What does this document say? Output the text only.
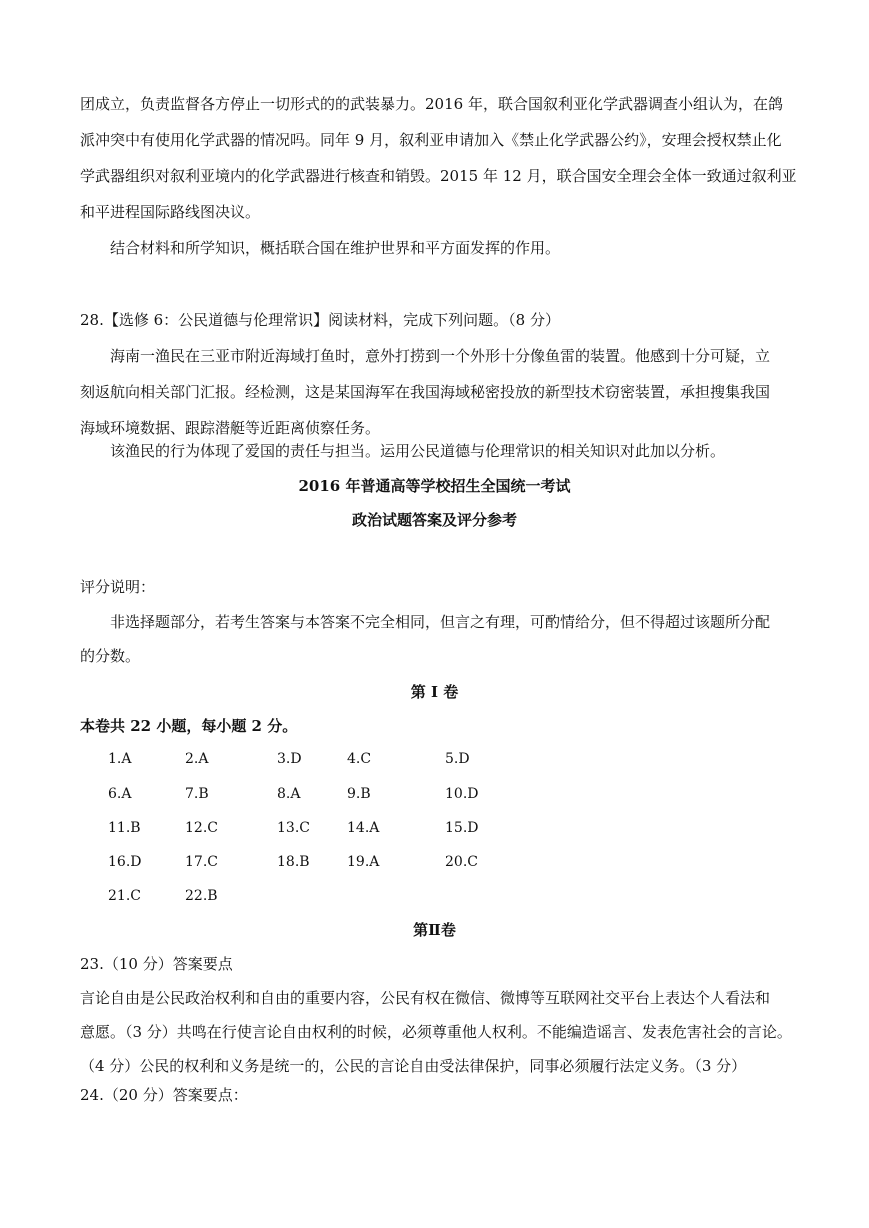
团成立，负责监督各方停止一切形式的的武装暴力。2016 年，联合国叙利亚化学武器调查小组认为，在鸽
派冲突中有使用化学武器的情况吗。同年 9 月，叙利亚申请加入《禁止化学武器公约》，安理会授权禁止化
学武器组织对叙利亚境内的化学武器进行核查和销毁。2015 年 12 月，联合国安全理会全体一致通过叙利亚
和平进程国际路线图决议。
结合材料和所学知识，概括联合国在维护世界和平方面发挥的作用。
28.【选修 6：公民道德与伦理常识】阅读材料，完成下列问题。（8 分）
海南一渔民在三亚市附近海域打鱼时，意外打捞到一个外形十分像鱼雷的装置。他感到十分可疑，立
刻返航向相关部门汇报。经检测，这是某国海军在我国海域秘密投放的新型技术窃密装置，承担搜集我国
海域环境数据、跟踪潜艇等近距离侦察任务。
该渔民的行为体现了爱国的责任与担当。运用公民道德与伦理常识的相关知识对此加以分析。
2016 年普通高等学校招生全国统一考试
政治试题答案及评分参考
评分说明：
非选择题部分，若考生答案与本答案不完全相同，但言之有理，可酌情给分，但不得超过该题所分配
的分数。
第 I 卷
本卷共 22 小题，每小题 2 分。
1.A	2.A	3.D	4.C	5.D
6.A	7.B	8.A	9.B	10.D
11.B	12.C	13.C	14.A	15.D
16.D	17.C	18.B	19.A	20.C
21.C	22.B
第Ⅱ卷
23.（10 分）答案要点
言论自由是公民政治权利和自由的重要内容，公民有权在微信、微博等互联网社交平台上表达个人看法和
意愿。（3 分）共鸣在行使言论自由权利的时候，必须尊重他人权利。不能编造谣言、发表危害社会的言论。
（4 分）公民的权利和义务是统一的，公民的言论自由受法律保护，同事必须履行法定义务。（3 分）
24.（20 分）答案要点：
